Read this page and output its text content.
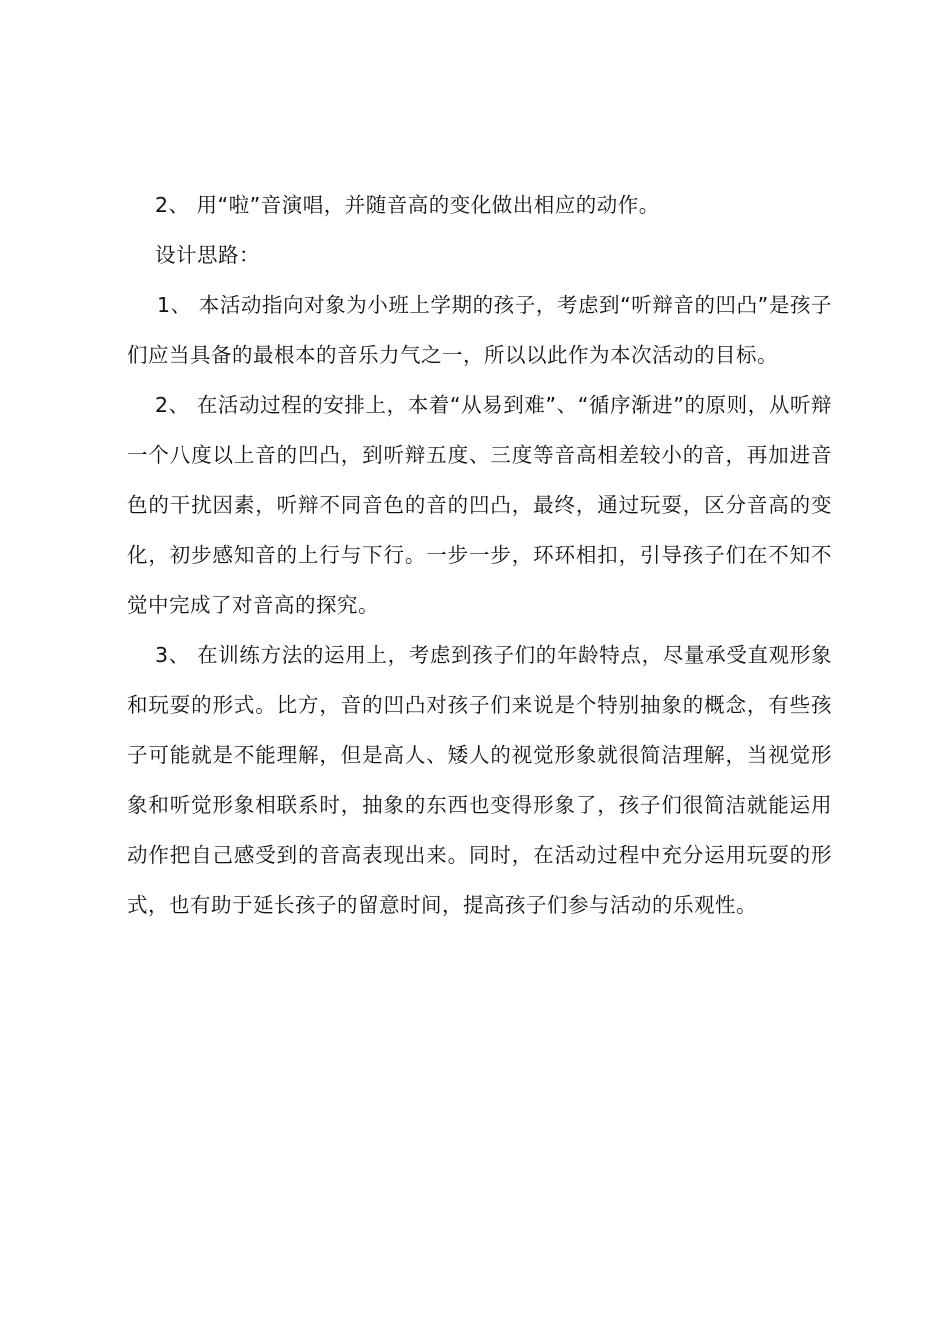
2、 用“啦”音演唱，并随音高的变化做出相应的动作。

设计思路：

1、 本活动指向对象为小班上学期的孩子，考虑到“听辩音的凹凸”是孩子们应当具备的最根本的音乐力气之一，所以以此作为本次活动的目标。

2、 在活动过程的安排上，本着“从易到难”、“循序渐进”的原则，从听辩一个八度以上音的凹凸，到听辩五度、三度等音高相差较小的音，再加进音色的干扰因素，听辩不同音色的音的凹凸，最终，通过玩耍，区分音高的变化，初步感知音的上行与下行。一步一步，环环相扣，引导孩子们在不知不觉中完成了对音高的探究。

3、 在训练方法的运用上，考虑到孩子们的年龄特点，尽量承受直观形象和玩耍的形式。比方，音的凹凸对孩子们来说是个特别抽象的概念，有些孩子可能就是不能理解，但是高人、矮人的视觉形象就很简洁理解，当视觉形象和听觉形象相联系时，抽象的东西也变得形象了，孩子们很简洁就能运用动作把自己感受到的音高表现出来。同时，在活动过程中充分运用玩耍的形式，也有助于延长孩子的留意时间，提高孩子们参与活动的乐观性。
